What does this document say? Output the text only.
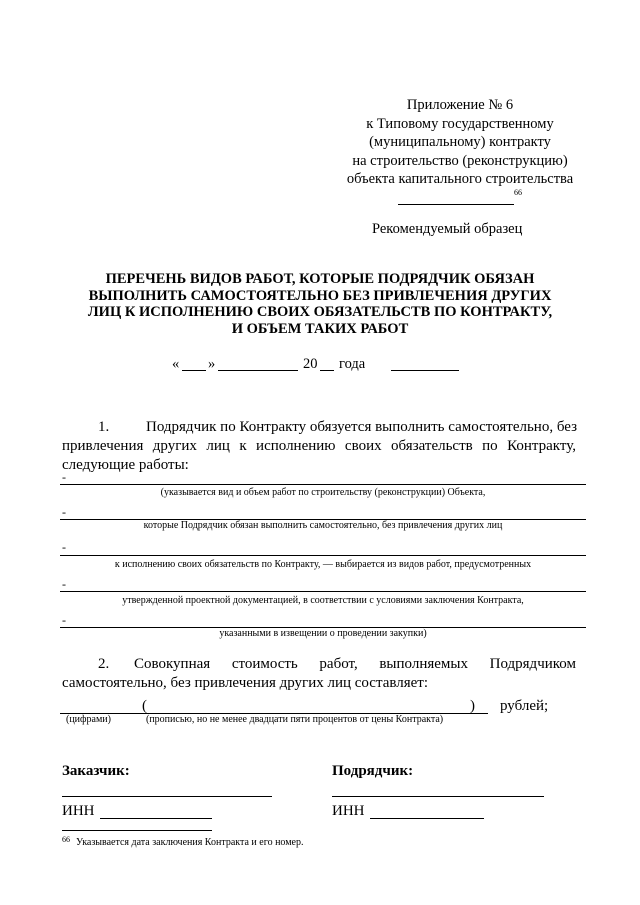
Приложение № 6
к Типовому государственному
(муниципальному) контракту
на строительство (реконструкцию)
объекта капитального строительства
66
Рекомендуемый образец
ПЕРЕЧЕНЬ ВИДОВ РАБОТ, КОТОРЫЕ ПОДРЯДЧИК ОБЯЗАН
ВЫПОЛНИТЬ САМОСТОЯТЕЛЬНО БЕЗ ПРИВЛЕЧЕНИЯ ДРУГИХ
ЛИЦ К ИСПОЛНЕНИЮ СВОИХ ОБЯЗАТЕЛЬСТВ ПО КОНТРАКТУ,
И ОБЪЕМ ТАКИХ РАБОТ
« »	20 года
1. Подрядчик по Контракту обязуется выполнить самостоятельно, без
привлечения других лиц к исполнению своих обязательств по Контракту,
следующие работы:
-
(указывается вид и объем работ по строительству (реконструкции) Объекта,
-
которые Подрядчик обязан выполнить самостоятельно, без привлечения других лиц
-
к исполнению своих обязательств по Контракту, — выбирается из видов работ, предусмотренных
-
утвержденной проектной документацией, в соответствии с условиями заключения Контракта,
-
указанными в извещении о проведении закупки)
2. Совокупная стоимость работ, выполняемых Подрядчиком
самостоятельно, без привлечения других лиц составляет:
(	) рублей;
(цифрами)	(прописью, но не менее двадцати пяти процентов от цены Контракта)
Заказчик:	Подрядчик:
ИНН	ИНН
66 Указывается дата заключения Контракта и его номер.
